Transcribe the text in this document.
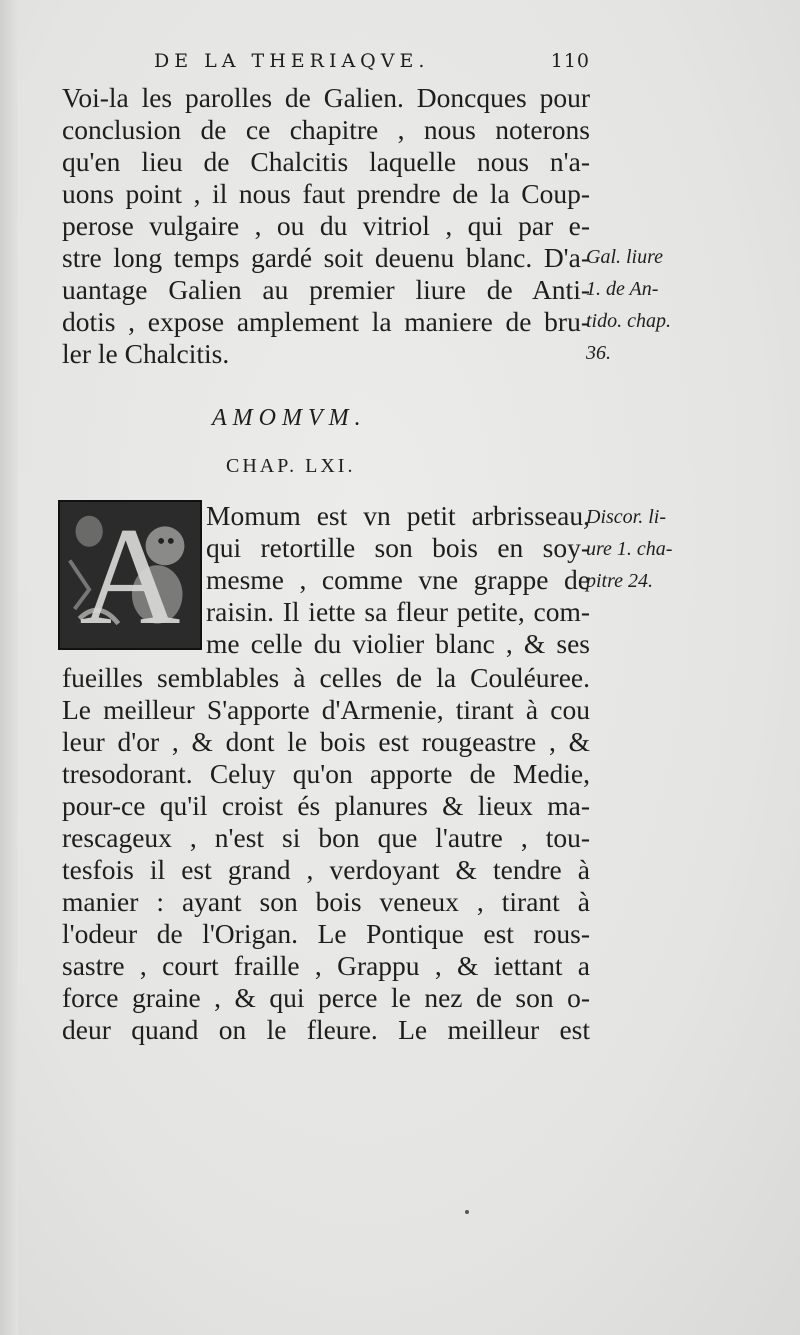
DE LA THERIAQVE.	110
Voi-la les parolles de Galien. Doncques pour
conclusion de ce chapitre , nous noterons
qu'en lieu de Chalcitis laquelle nous n'a-
uons point , il nous faut prendre de la Coup-
perose vulgaire , ou du vitriol , qui par e-
stre long temps gardé soit deuenu blanc. D'a-
uantage Galien au premier liure de Anti-
dotis , expose amplement la maniere de bru-
ler le Chalcitis.
Gal. liure
1. de An-
tido. chap.
36.
AMOMVM.
CHAP. LXI.
A Momum est vn petit arbrisseau,
qui retortille son bois en soy-
mesme , comme vne grappe de
raisin. Il iette sa fleur petite, com-
me celle du violier blanc , & ses
Discor. li-
ure 1. cha-
pitre 24.
fueilles semblables à celles de la Couléuree.
Le meilleur S'apporte d'Armenie, tirant à cou
leur d'or , & dont le bois est rougeastre , &
tresodorant. Celuy qu'on apporte de Medie,
pour-ce qu'il croist és planures & lieux ma-
rescageux , n'est si bon que l'autre , tou-
tesfois il est grand , verdoyant & tendre à
manier : ayant son bois veneux , tirant à
l'odeur de l'Origan. Le Pontique est rous-
sastre , court fraille , Grappu , & iettant a
force graine , & qui perce le nez de son o-
deur quand on le fleure. Le meilleur est
